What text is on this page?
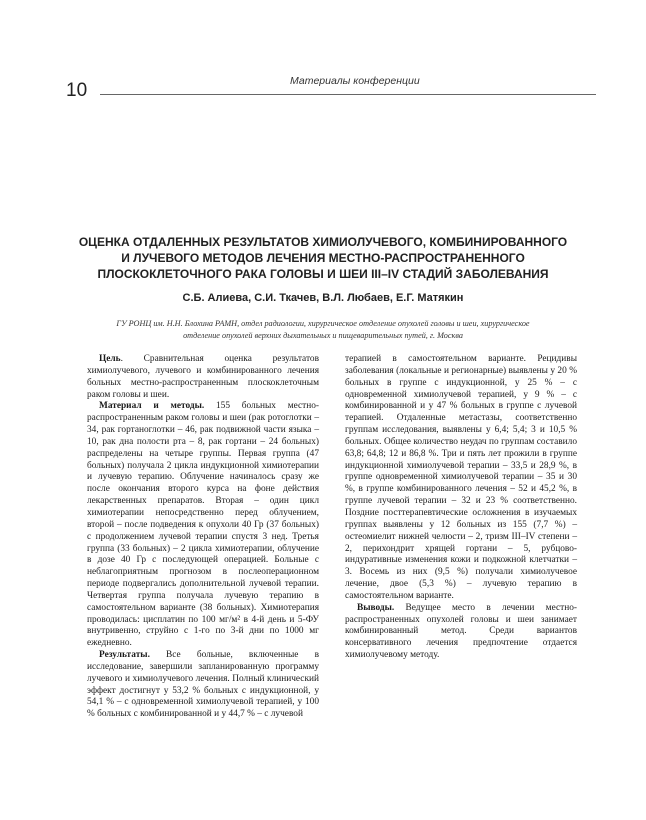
10	Материалы конференции
ОЦЕНКА ОТДАЛЕННЫХ РЕЗУЛЬТАТОВ ХИМИОЛУЧЕВОГО, КОМБИНИРОВАННОГО
И ЛУЧЕВОГО МЕТОДОВ ЛЕЧЕНИЯ МЕСТНО-РАСПРОСТРАНЕННОГО
ПЛОСКОКЛЕТОЧНОГО РАКА ГОЛОВЫ И ШЕИ III–IV СТАДИЙ ЗАБОЛЕВАНИЯ
С.Б. Алиева, С.И. Ткачев, В.Л. Любаев, Е.Г. Матякин
ГУ РОНЦ им. Н.Н. Блохина РАМН, отдел радиологии, хирургическое отделение опухолей головы и шеи, хирургическое
отделение опухолей верхних дыхательных и пищеварительных путей, г. Москва

Цель. Сравнительная оценка результатов химиолучевого, лучевого и комбинированного лечения больных местно-распространенным плоскоклеточным раком головы и шеи.

Материал и методы. 155 больных местно-распространенным раком головы и шеи (рак ротоглотки – 34, рак гортаноглотки – 46, рак подвижной части языка – 10, рак дна полости рта – 8, рак гортани – 24 больных) распределены на четыре группы. Первая группа (47 больных) получала 2 цикла индукционной химиотерапии и лучевую терапию. Облучение начиналось сразу же после окончания второго курса на фоне действия лекарственных препаратов. Вторая – один цикл химиотерапии непосредственно перед облучением, второй – после подведения к опухоли 40 Гр (37 больных) с продолжением лучевой терапии спустя 3 нед. Третья группа (33 больных) – 2 цикла химиотерапии, облучение в дозе 40 Гр с последующей операцией. Больные с неблагоприятным прогнозом в послеоперационном периоде подвергались дополнительной лучевой терапии. Четвертая группа получала лучевую терапию в самостоятельном варианте (38 больных). Химиотерапия проводилась: цисплатин по 100 мг/м² в 4-й день и 5-ФУ внутривенно, струйно с 1-го по 3-й дни по 1000 мг ежедневно.

Результаты. Все больные, включенные в исследование, завершили запланированную программу лучевого и химиолучевого лечения. Полный клинический эффект достигнут у 53,2 % больных с индукционной, у 54,1 % – с одновременной химиолучевой терапией, у 100 % больных с комбинированной и у 44,7 % – с лучевой

терапией в самостоятельном варианте. Рецидивы заболевания (локальные и регионарные) выявлены у 20 % больных в группе с индукционной, у 25 % – с одновременной химиолучевой терапией, у 9 % – с комбинированной и у 47 % больных в группе с лучевой терапией. Отдаленные метастазы, соответственно группам исследования, выявлены у 6,4; 5,4; 3 и 10,5 % больных. Общее количество неудач по группам составило 63,8; 64,8; 12 и 86,8 %. Три и пять лет прожили в группе индукционной химиолучевой терапии – 33,5 и 28,9 %, в группе одновременной химиолучевой терапии – 35 и 30 %, в группе комбинированного лечения – 52 и 45,2 %, в группе лучевой терапии – 32 и 23 % соответственно. Поздние посттерапевтические осложнения в изучаемых группах выявлены у 12 больных из 155 (7,7 %) – остеомиелит нижней челюсти – 2, тризм III–IV степени – 2, перихондрит хрящей гортани – 5, рубцово-индуративные изменения кожи и подкожной клетчатки – 3. Восемь из них (9,5 %) получали химиолучевое лечение, двое (5,3 %) – лучевую терапию в самостоятельном варианте.

Выводы. Ведущее место в лечении местно-распространенных опухолей головы и шеи занимает комбинированный метод. Среди вариантов консервативного лечения предпочтение отдается химиолучевому методу.
